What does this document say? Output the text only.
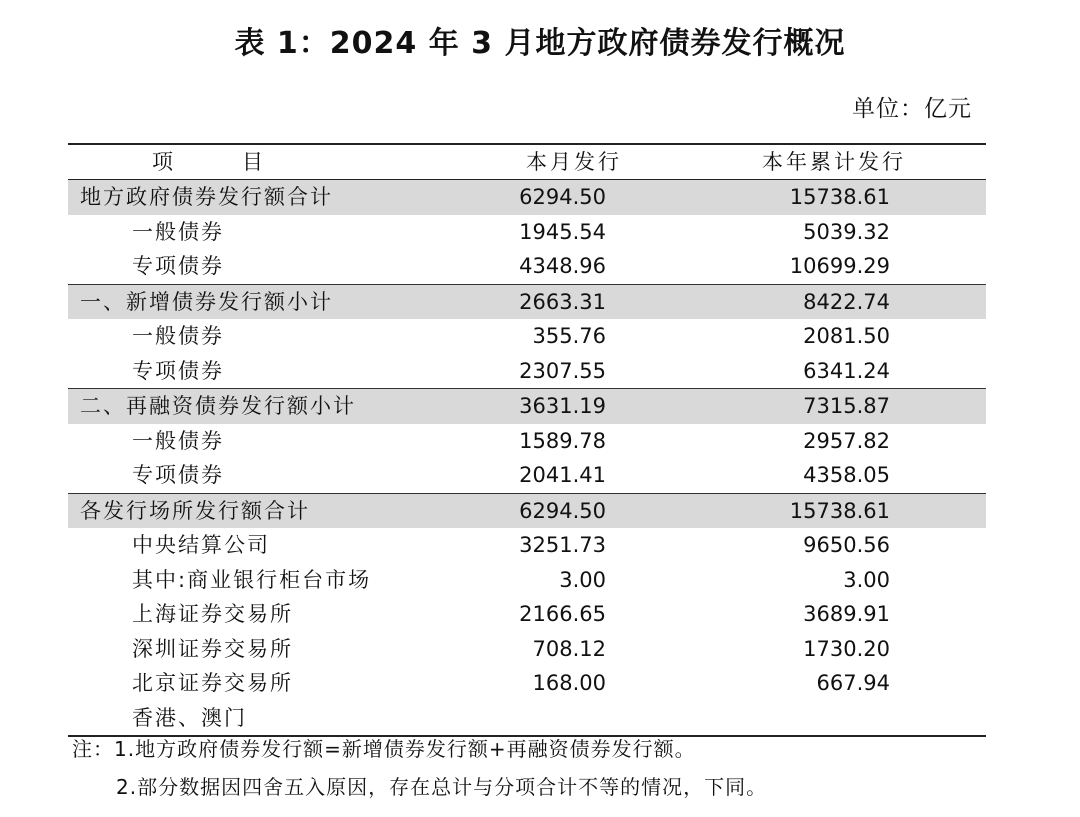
表 1：2024 年 3 月地方政府债券发行概况
单位：亿元
项　目	本月发行	本年累计发行
地方政府债券发行额合计	6294.50	15738.61
一般债券	1945.54	5039.32
专项债券	4348.96	10699.29
一、新增债券发行额小计	2663.31	8422.74
一般债券	355.76	2081.50
专项债券	2307.55	6341.24
二、再融资债券发行额小计	3631.19	7315.87
一般债券	1589.78	2957.82
专项债券	2041.41	4358.05
各发行场所发行额合计	6294.50	15738.61
中央结算公司	3251.73	9650.56
其中:商业银行柜台市场	3.00	3.00
上海证券交易所	2166.65	3689.91
深圳证券交易所	708.12	1730.20
北京证券交易所	168.00	667.94
香港、澳门
注：1.地方政府债券发行额=新增债券发行额+再融资债券发行额。
2.部分数据因四舍五入原因，存在总计与分项合计不等的情况，下同。
